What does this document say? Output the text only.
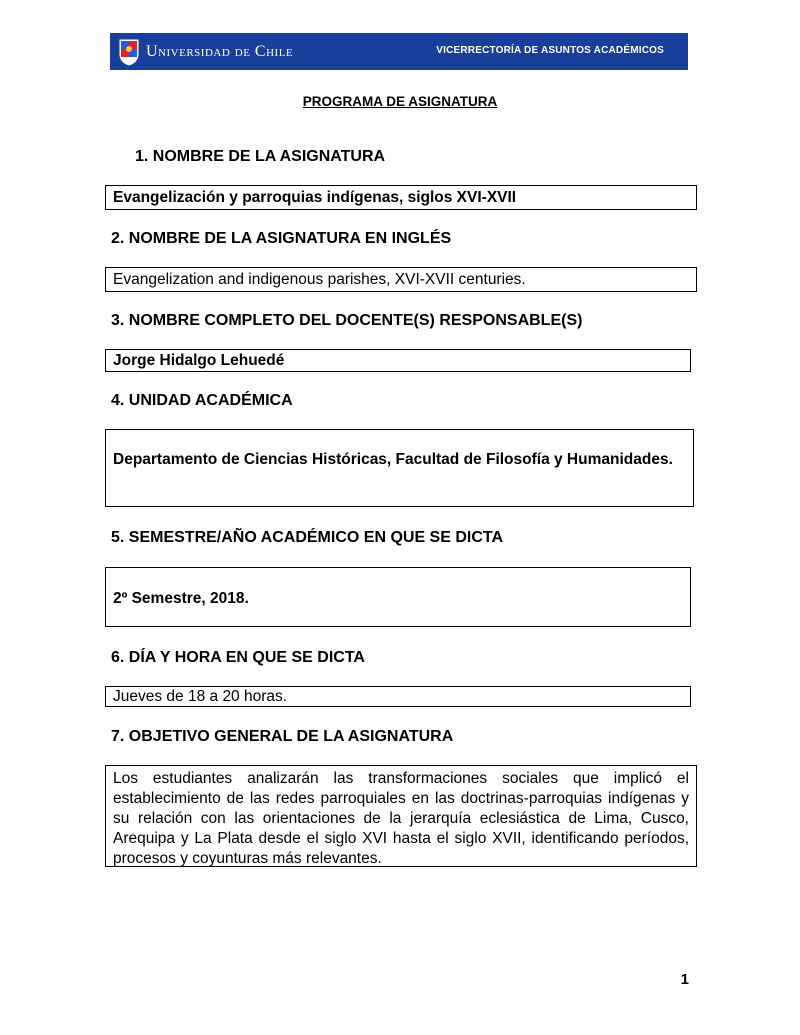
Universidad de Chile	VICERRECTORÍA DE ASUNTOS ACADÉMICOS
PROGRAMA DE ASIGNATURA
1. NOMBRE DE LA ASIGNATURA
Evangelización y parroquias indígenas, siglos XVI-XVII
2. NOMBRE DE LA ASIGNATURA EN INGLÉS
Evangelization and indigenous parishes, XVI-XVII centuries.
3. NOMBRE COMPLETO DEL DOCENTE(S) RESPONSABLE(S)
Jorge Hidalgo Lehuedé
4. UNIDAD ACADÉMICA
Departamento de Ciencias Históricas, Facultad de Filosofía y Humanidades.
5. SEMESTRE/AÑO ACADÉMICO EN QUE SE DICTA
2º Semestre, 2018.
6. DÍA Y HORA EN QUE SE DICTA
Jueves de 18 a 20 horas.
7. OBJETIVO GENERAL DE LA ASIGNATURA
Los estudiantes analizarán las transformaciones sociales que implicó el establecimiento de las redes parroquiales en las doctrinas-parroquias indígenas y su relación con las orientaciones de la jerarquía eclesiástica de Lima, Cusco, Arequipa y La Plata desde el siglo XVI hasta el siglo XVII, identificando períodos, procesos y coyunturas más relevantes.
1
